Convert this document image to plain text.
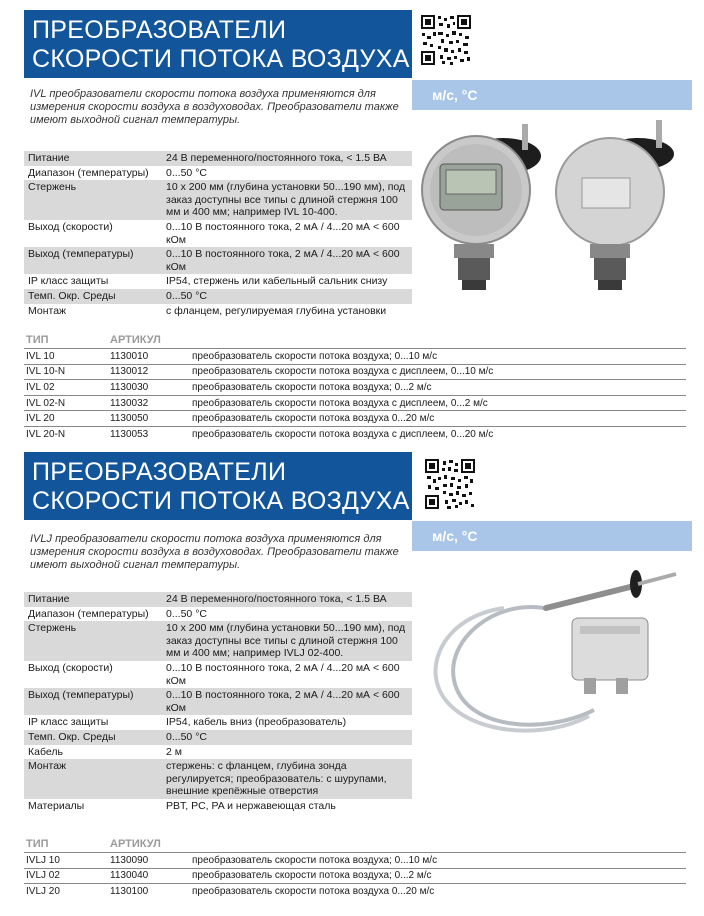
ПРЕОБРАЗОВАТЕЛИ
СКОРОСТИ ПОТОКА ВОЗДУХА
м/с, °C
IVL преобразователи скорости потока воздуха применяются для измерения скорости воздуха в воздуховодах. Преобразователи также имеют выходной сигнал температуры.
Питание	24 В переменного/постоянного тока, < 1.5 ВА
Диапазон (температуры)	0...50 °C
Стержень	10 x 200 мм (глубина установки 50...190 мм), под заказ доступны все типы с длиной стержня 100 мм и 400 мм; например IVL 10-400.
Выход (скорости)	0...10 В постоянного тока, 2 мА / 4...20 мА < 600 кОм
Выход (температуры)	0...10 В постоянного тока, 2 мА / 4...20 мА < 600 кОм
IP класс защиты	IP54, стержень или кабельный сальник снизу
Темп. Окр. Среды	0...50 °C
Монтаж	с фланцем, регулируемая глубина установки
ТИП	АРТИКУЛ	
IVL 10	1130010	преобразователь скорости потока воздуха; 0...10 м/с
IVL 10-N	1130012	преобразователь скорости потока воздуха с дисплеем, 0...10 м/с
IVL 02	1130030	преобразователь скорости потока воздуха; 0...2 м/с
IVL 02-N	1130032	преобразователь скорости потока воздуха с дисплеем, 0...2 м/с
IVL 20	1130050	преобразователь скорости потока воздуха 0...20 м/с
IVL 20-N	1130053	преобразователь скорости потока воздуха с дисплеем, 0...20 м/с
ПРЕОБРАЗОВАТЕЛИ
СКОРОСТИ ПОТОКА ВОЗДУХА
м/с, °C
IVLJ преобразователи скорости потока воздуха применяются для измерения скорости воздуха в воздуховодах. Преобразователи также имеют выходной сигнал температуры.
Питание	24 В переменного/постоянного тока, < 1.5 ВА
Диапазон (температуры)	0...50 °C
Стержень	10 x 200 мм (глубина установки 50...190 мм), под заказ доступны все типы с длиной стержня 100 мм и 400 мм; например IVLJ 02-400.
Выход (скорости)	0...10 В постоянного тока, 2 мА / 4...20 мА < 600 кОм
Выход (температуры)	0...10 В постоянного тока, 2 мА / 4...20 мА < 600 кОм
IP класс защиты	IP54, кабель вниз (преобразователь)
Темп. Окр. Среды	0...50 °C
Кабель	2 м
Монтаж	стержень: с фланцем, глубина зонда регулируется; преобразователь: с шурупами, внешние крепёжные отверстия
Материалы	PBT, PC, PA и нержавеющая сталь
ТИП	АРТИКУЛ	
IVLJ 10	1130090	преобразователь скорости потока воздуха; 0...10 м/с
IVLJ 02	1130040	преобразователь скорости потока воздуха; 0...2 м/с
IVLJ 20	1130100	преобразователь скорости потока воздуха 0...20 м/с
